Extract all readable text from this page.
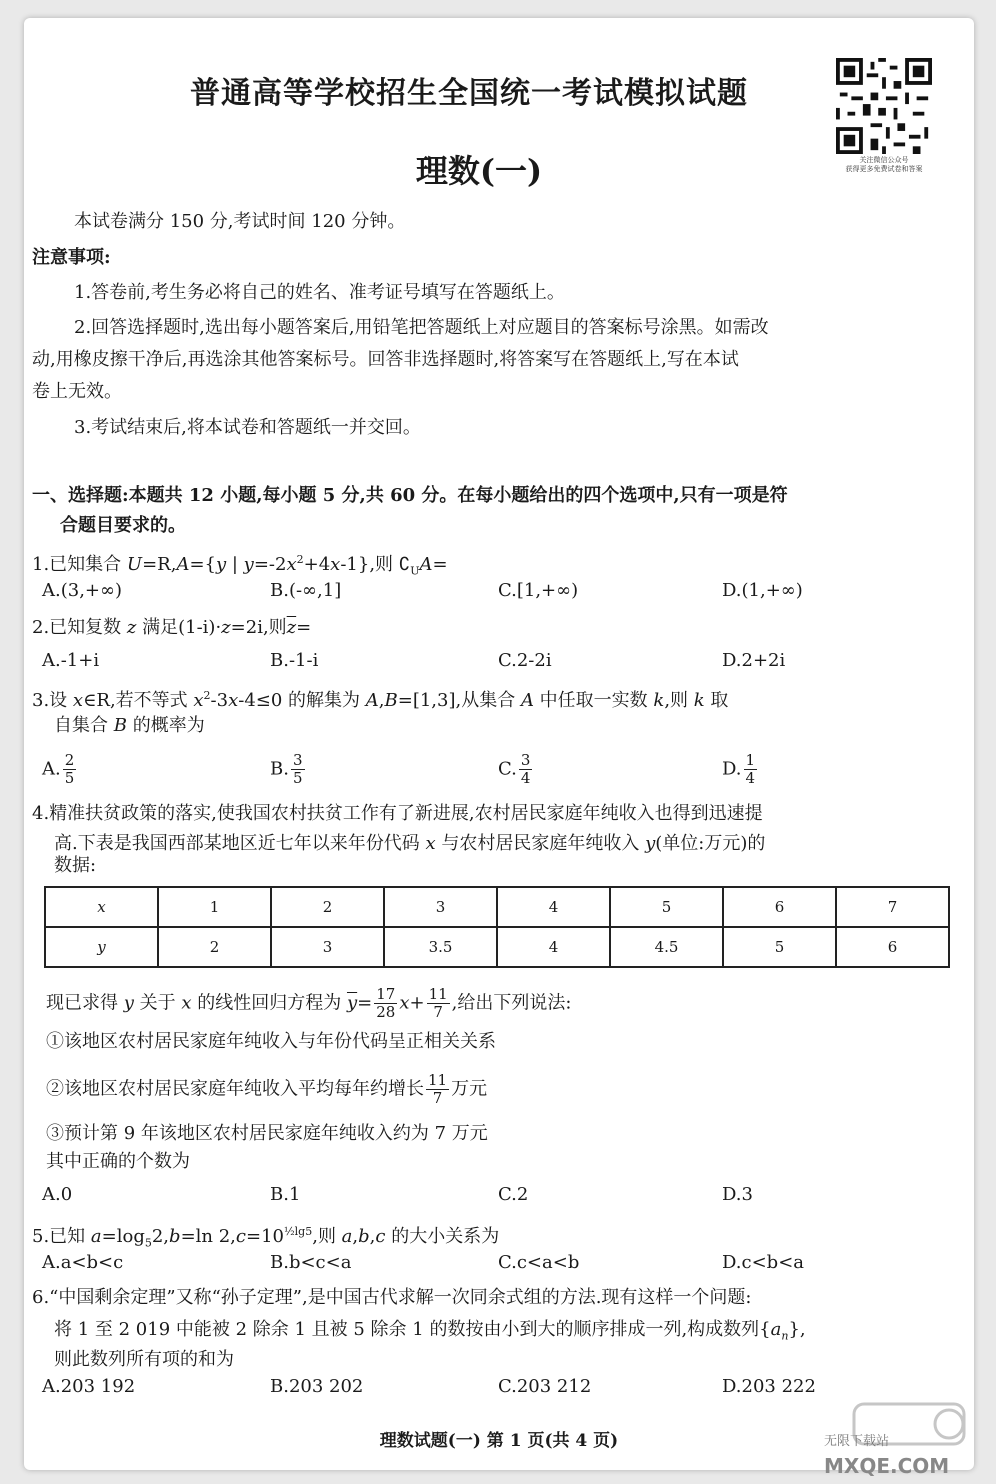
普通高等学校招生全国统一考试模拟试题
理数(一)	关注微信公众号
获得更多免费试卷和答案
本试卷满分 150 分,考试时间 120 分钟。
注意事项:
1.答卷前,考生务必将自己的姓名、准考证号填写在答题纸上。
2.回答选择题时,选出每小题答案后,用铅笔把答题纸上对应题目的答案标号涂黑。如需改
动,用橡皮擦干净后,再选涂其他答案标号。回答非选择题时,将答案写在答题纸上,写在本试
卷上无效。
3.考试结束后,将本试卷和答题纸一并交回。
一、选择题:本题共 12 小题,每小题 5 分,共 60 分。在每小题给出的四个选项中,只有一项是符
合题目要求的。
1.已知集合 U=R,A={y | $y=-2x^2+4x-1$},则 $∁_UA=$
A.(3,+∞)	B.(-∞,1]	C.[1,+∞)	D.(1,+∞)
2.已知复数 z 满足(1-i)·z=2i,则$\overline{z}=$
A.-1+i	B.-1-i	C.2-2i	D.2+2i
3.设 x∈R,若不等式 $x^2-3x-4\le 0$ 的解集为 A,B=[1,3],从集合 A 中任取一实数 k,则 k 取
自集合 B 的概率为
A. $\frac{2}{5}$	B. $\frac{3}{5}$	C. $\frac{3}{4}$	D. $\frac{1}{4}$
4.精准扶贫政策的落实,使我国农村扶贫工作有了新进展,农村居民家庭年纯收入也得到迅速提
高.下表是我国西部某地区近七年以来年份代码 x 与农村居民家庭年纯收入 y(单位:万元)的
数据:
x	1	2	3	4	5	6	7
y	2	3	3.5	4	4.5	5	6
现已求得 y 关于 x 的线性回归方程为 $\overline{y}= \frac{17}{28} x+ \frac{11}{7}$ ,给出下列说法:
①该地区农村居民家庭年纯收入与年份代码呈正相关关系
②该地区农村居民家庭年纯收入平均每年约增长 $\frac{11}{7}$ 万元
③预计第 9 年该地区农村居民家庭年纯收入约为 7 万元
其中正确的个数为
A.0	B.1	C.2	D.3
5.已知 $a=\log_52,b=\ln$ $2,c=10^{\frac{1}{2}lg5}$,则 a,b,c 的大小关系为
A.a<b<c	B.b<c<a	C.c<a<b	D.c<b<a
6.“中国剩余定理”又称“孙子定理”,是中国古代求解一次同余式组的方法.现有这样一个问题:
将 1 至 2 019 中能被 2 除余 1 且被 5 除余 1 的数按由小到大的顺序排成一列,构成数列$\{a_n\}$,
则此数列所有项的和为
A.203 192	B.203 202	C.203 212	D.203 222
理数试题(一) 第 1 页(共 4 页)	无限下载站
MXQE.COM
